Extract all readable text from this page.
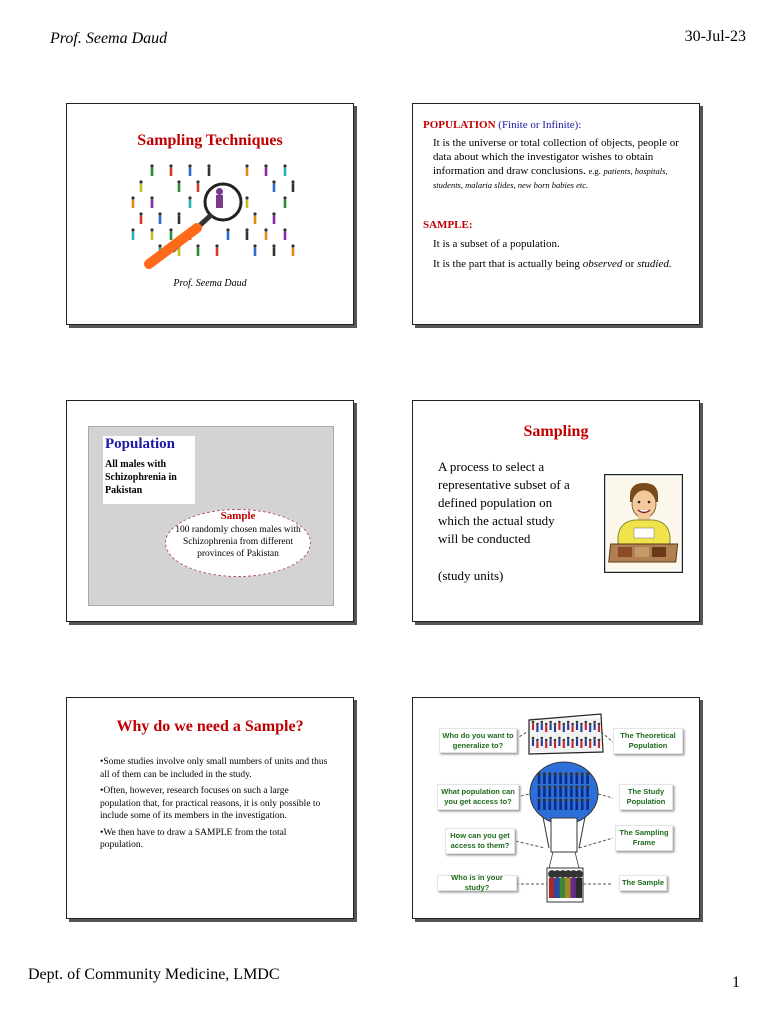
Prof. Seema Daud	30-Jul-23
Sampling Techniques
Prof. Seema Daud
POPULATION (Finite or Infinite):
It is the universe or total collection of objects, people or data about which the investigator wishes to obtain information and draw conclusions. e.g. patients, hospitals, students, malaria slides, new born babies etc.
SAMPLE:
It is a subset of a population.
It is the part that is actually being observed or studied.
Population
All males with Schizophrenia in Pakistan
Sample
100 randomly chosen males with Schizophrenia from different provinces of Pakistan
Sampling
A process to select a representative subset of a defined population on which the actual study will be conducted
(study units)
Why do we need a Sample?

•Some studies involve only small numbers of units and thus all of them can be included in the study.

•Often, however, research focuses on such a large population that, for practical reasons, it is only possible to include some of its members in the investigation.

•We then have to draw a SAMPLE from the total population.

Who do you want to generalize to?
What population can you get access to?
How can you get access to them?
Who is in your study?
The Theoretical Population
The Study Population
The Sampling Frame
The Sample
Dept. of Community Medicine, LMDC	1
